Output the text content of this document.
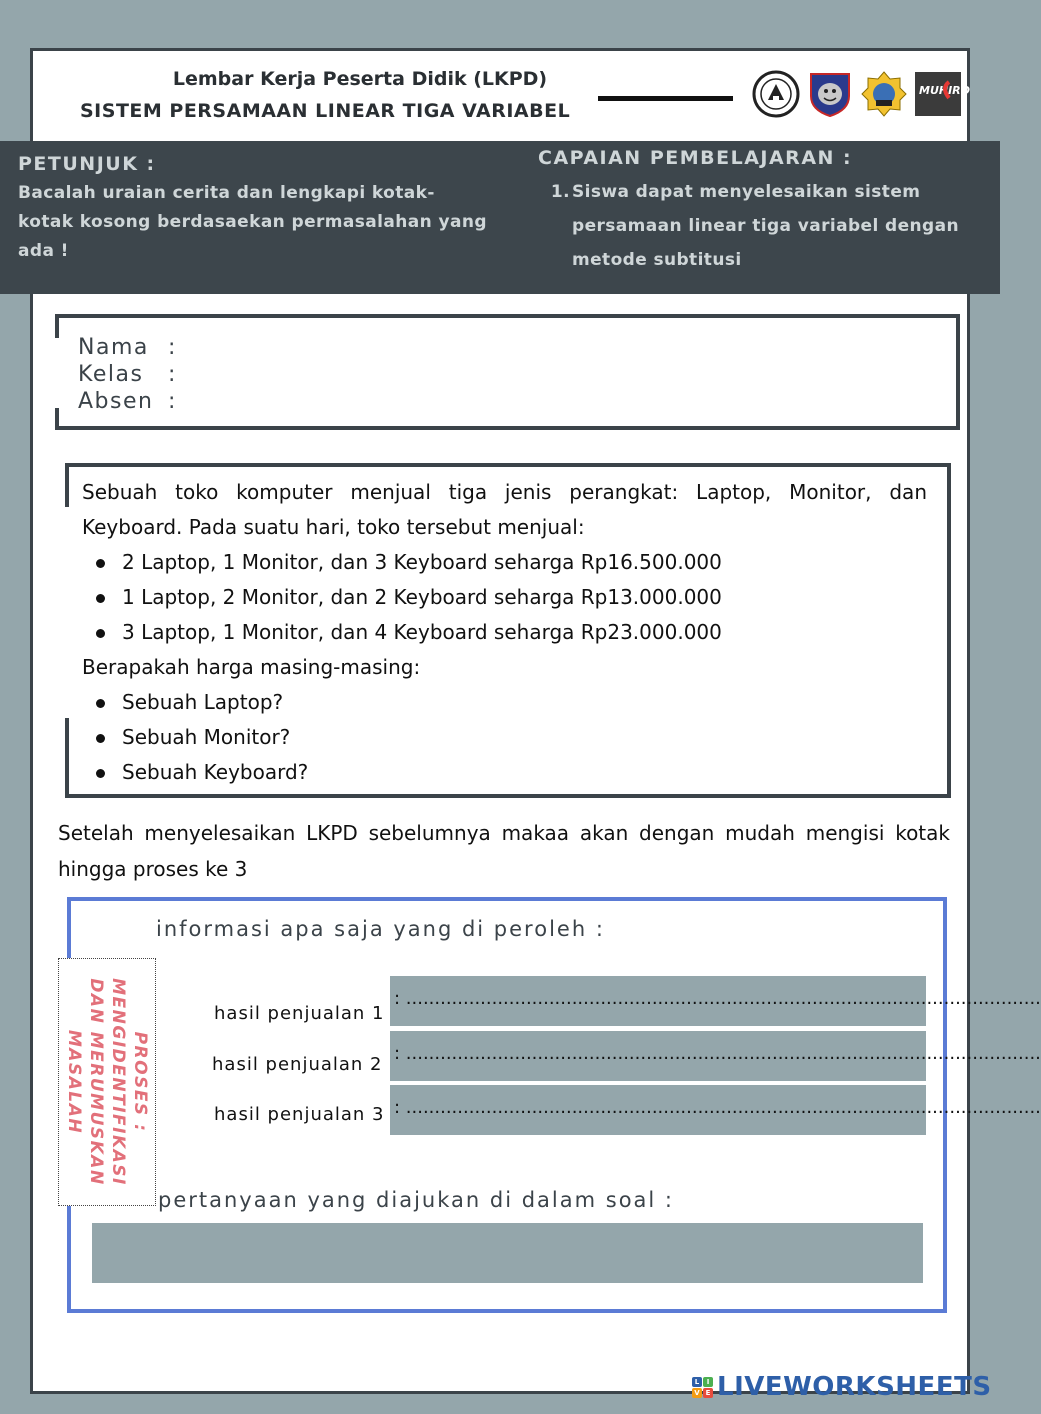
Lembar Kerja Peserta Didik (LKPD)
SISTEM PERSAMAAN LINEAR TIGA VARIABEL
MUHIRO
PETUNJUK :
Bacalah uraian cerita dan lengkapi kotak-
kotak kosong berdasaekan permasalahan yang
ada !
CAPAIAN PEMBELAJARAN :
1. Siswa dapat menyelesaikan sistem
persamaan linear tiga variabel dengan
metode subtitusi
Nama :
Kelas	:
Absen :
Sebuah toko komputer menjual tiga jenis perangkat: Laptop, Monitor, dan Keyboard. Pada suatu hari, toko tersebut menjual:
2 Laptop, 1 Monitor, dan 3 Keyboard seharga Rp16.500.000
1 Laptop, 2 Monitor, dan 2 Keyboard seharga Rp13.000.000
3 Laptop, 1 Monitor, dan 4 Keyboard seharga Rp23.000.000
Berapakah harga masing-masing:
Sebuah Laptop?
Sebuah Monitor?
Sebuah Keyboard?
Setelah menyelesaikan LKPD sebelumnya makaa akan dengan mudah mengisi kotak hingga proses ke 3
informasi apa saja yang di peroleh :
PROSES :
MENGIDENTIFIKASI
DAN MERUMUSKAN
MASALAH
hasil penjualan 1
: ...............................................................................................................
hasil penjualan 2
: ...............................................................................................................
hasil penjualan 3 : ...............................................................................................................
pertanyaan yang diajukan di dalam soal :
L	I
V E LIVEWORKSHEETS
